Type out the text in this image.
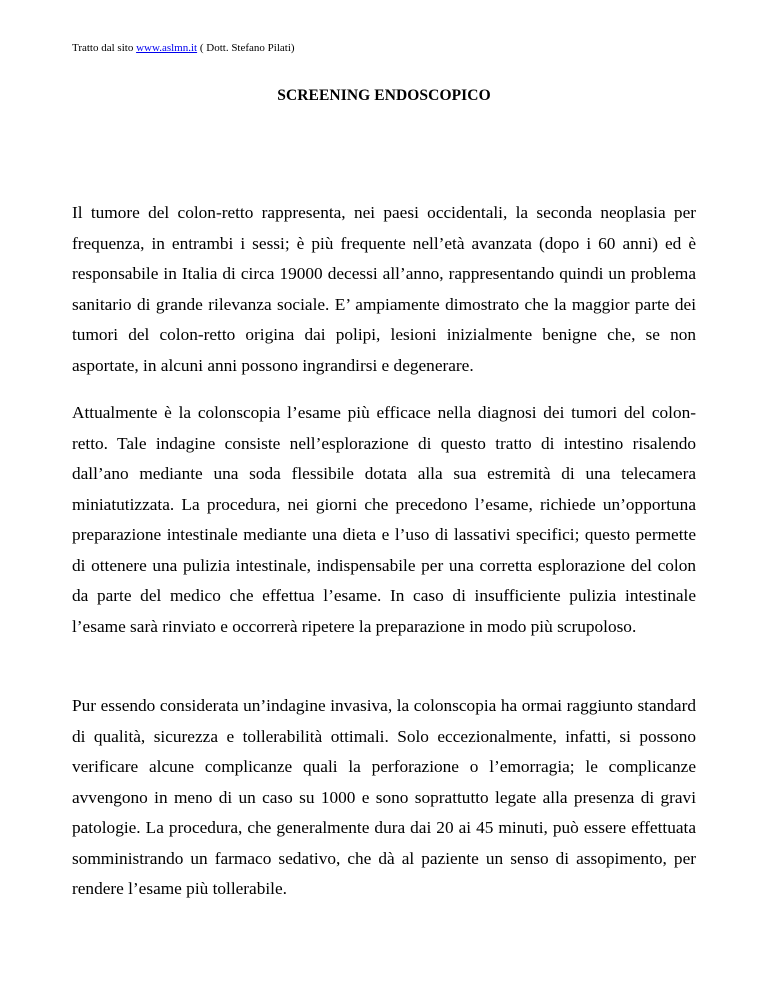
Tratto dal sito www.aslmn.it ( Dott. Stefano Pilati)
SCREENING ENDOSCOPICO

Il tumore del colon-retto rappresenta, nei paesi occidentali, la seconda neoplasia per frequenza, in entrambi i sessi; è più frequente nell’età avanzata (dopo i 60 anni) ed è responsabile in Italia di circa 19000 decessi all’anno, rappresentando quindi un problema sanitario di grande rilevanza sociale. E’ ampiamente dimostrato che la maggior parte dei tumori del colon-retto origina dai polipi, lesioni inizialmente benigne che, se non asportate, in alcuni anni possono ingrandirsi e degenerare.

Attualmente è la colonscopia l’esame più efficace nella diagnosi dei tumori del colon-retto. Tale indagine consiste nell’esplorazione di questo tratto di intestino risalendo dall’ano mediante una soda flessibile dotata alla sua estremità di una telecamera miniatutizzata. La procedura, nei giorni che precedono l’esame, richiede un’opportuna preparazione intestinale mediante una dieta e l’uso di lassativi specifici; questo permette di ottenere una pulizia intestinale, indispensabile per una corretta esplorazione del colon da parte del medico che effettua l’esame. In caso di insufficiente pulizia intestinale l’esame sarà rinviato e occorrerà ripetere la preparazione in modo più scrupoloso.

Pur essendo considerata un’indagine invasiva, la colonscopia ha ormai raggiunto standard di qualità, sicurezza e tollerabilità ottimali. Solo eccezionalmente, infatti, si possono verificare alcune complicanze quali la perforazione o l’emorragia; le complicanze avvengono in meno di un caso su 1000 e sono soprattutto legate alla presenza di gravi patologie. La procedura, che generalmente dura dai 20 ai 45 minuti, può essere effettuata somministrando un farmaco sedativo, che dà al paziente un senso di assopimento, per rendere l’esame più tollerabile.
